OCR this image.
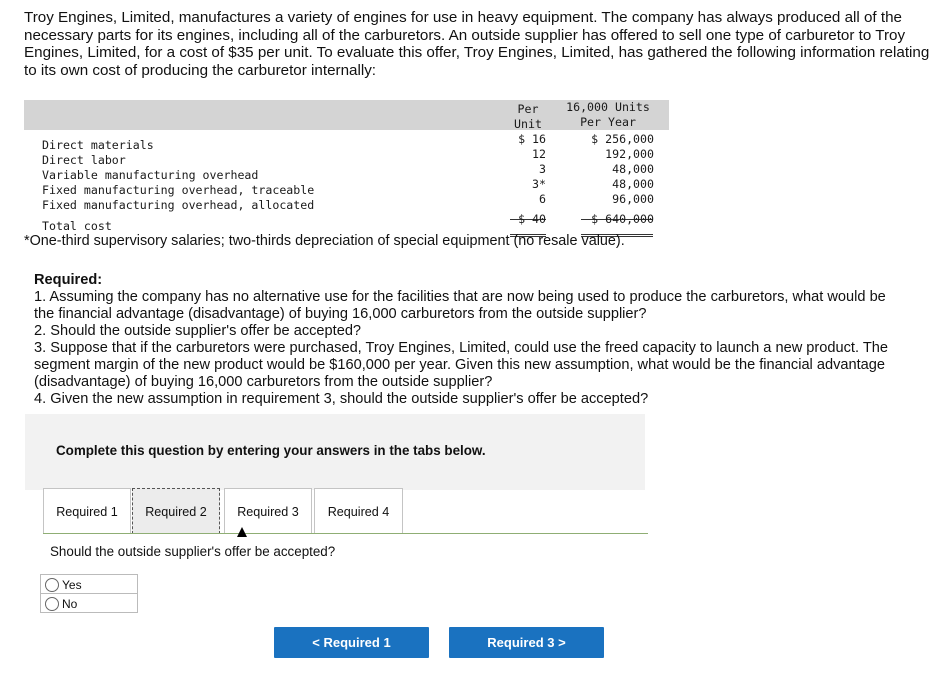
Troy Engines, Limited, manufactures a variety of engines for use in heavy equipment. The company has always produced all of the
necessary parts for its engines, including all of the carburetors. An outside supplier has offered to sell one type of carburetor to Troy
Engines, Limited, for a cost of $35 per unit. To evaluate this offer, Troy Engines, Limited, has gathered the following information relating
to its own cost of producing the carburetor internally:
Per
Unit
16,000 Units
Per Year
Direct materials	$ 16	$ 256,000
Direct labor	12	192,000
Variable manufacturing overhead	3	48,000
Fixed manufacturing overhead, traceable	3*	48,000
Fixed manufacturing overhead, allocated	6	96,000
Total cost	$ 40	$ 640,000
*One-third supervisory salaries; two-thirds depreciation of special equipment (no resale value).
Required:
1. Assuming the company has no alternative use for the facilities that are now being used to produce the carburetors, what would be
the financial advantage (disadvantage) of buying 16,000 carburetors from the outside supplier?
2. Should the outside supplier's offer be accepted?
3. Suppose that if the carburetors were purchased, Troy Engines, Limited, could use the freed capacity to launch a new product. The
segment margin of the new product would be $160,000 per year. Given this new assumption, what would be the financial advantage
(disadvantage) of buying 16,000 carburetors from the outside supplier?
4. Given the new assumption in requirement 3, should the outside supplier's offer be accepted?
Complete this question by entering your answers in the tabs below.
Required 1	Required 2	Required 3	Required 4
Should the outside supplier's offer be accepted?
Yes
No
< Required 1	Required 3 >
